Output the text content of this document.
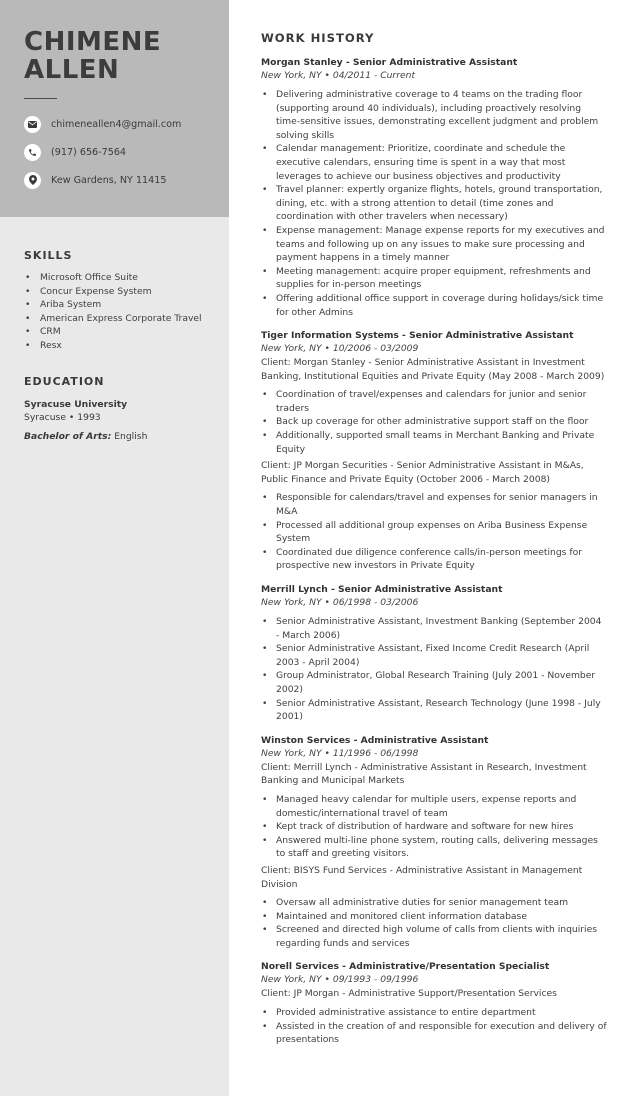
CHIMENE
ALLEN
chimeneallen4@gmail.com
(917) 656-7564
Kew Gardens, NY 11415
SKILLS
• Microsoft Office Suite
• Concur Expense System
• Ariba System
• American Express Corporate Travel
• CRM
• Resx
EDUCATION
Syracuse University
Syracuse • 1993
Bachelor of Arts: English
WORK HISTORY
Morgan Stanley - Senior Administrative Assistant
New York, NY • 04/2011 - Current
• Delivering administrative coverage to 4 teams on the trading floor (supporting around 40 individuals), including proactively resolving time-sensitive issues, demonstrating excellent judgment and problem solving skills
• Calendar management: Prioritize, coordinate and schedule the executive calendars, ensuring time is spent in a way that most leverages to achieve our business objectives and productivity
• Travel planner: expertly organize flights, hotels, ground transportation, dining, etc. with a strong attention to detail (time zones and coordination with other travelers when necessary)
• Expense management: Manage expense reports for my executives and teams and following up on any issues to make sure processing and payment happens in a timely manner
• Meeting management: acquire proper equipment, refreshments and supplies for in-person meetings
• Offering additional office support in coverage during holidays/sick time for other Admins
Tiger Information Systems - Senior Administrative Assistant
New York, NY • 10/2006 - 03/2009
Client: Morgan Stanley - Senior Administrative Assistant in Investment Banking, Institutional Equities and Private Equity (May 2008 - March 2009)
• Coordination of travel/expenses and calendars for junior and senior traders
• Back up coverage for other administrative support staff on the floor
• Additionally, supported small teams in Merchant Banking and Private Equity
Client: JP Morgan Securities - Senior Administrative Assistant in M&As, Public Finance and Private Equity (October 2006 - March 2008)
• Responsible for calendars/travel and expenses for senior managers in M&A
• Processed all additional group expenses on Ariba Business Expense System
• Coordinated due diligence conference calls/in-person meetings for prospective new investors in Private Equity
Merrill Lynch - Senior Administrative Assistant
New York, NY • 06/1998 - 03/2006
• Senior Administrative Assistant, Investment Banking (September 2004 - March 2006)
• Senior Administrative Assistant, Fixed Income Credit Research (April 2003 - April 2004)
• Group Administrator, Global Research Training (July 2001 - November 2002)
• Senior Administrative Assistant, Research Technology (June 1998 - July 2001)
Winston Services - Administrative Assistant
New York, NY • 11/1996 - 06/1998
Client: Merrill Lynch - Administrative Assistant in Research, Investment Banking and Municipal Markets
• Managed heavy calendar for multiple users, expense reports and domestic/international travel of team
• Kept track of distribution of hardware and software for new hires
• Answered multi-line phone system, routing calls, delivering messages to staff and greeting visitors.
Client: BISYS Fund Services - Administrative Assistant in Management Division
• Oversaw all administrative duties for senior management team
• Maintained and monitored client information database
• Screened and directed high volume of calls from clients with inquiries regarding funds and services
Norell Services - Administrative/Presentation Specialist
New York, NY • 09/1993 - 09/1996
Client: JP Morgan - Administrative Support/Presentation Services
• Provided administrative assistance to entire department
• Assisted in the creation of and responsible for execution and delivery of presentations
